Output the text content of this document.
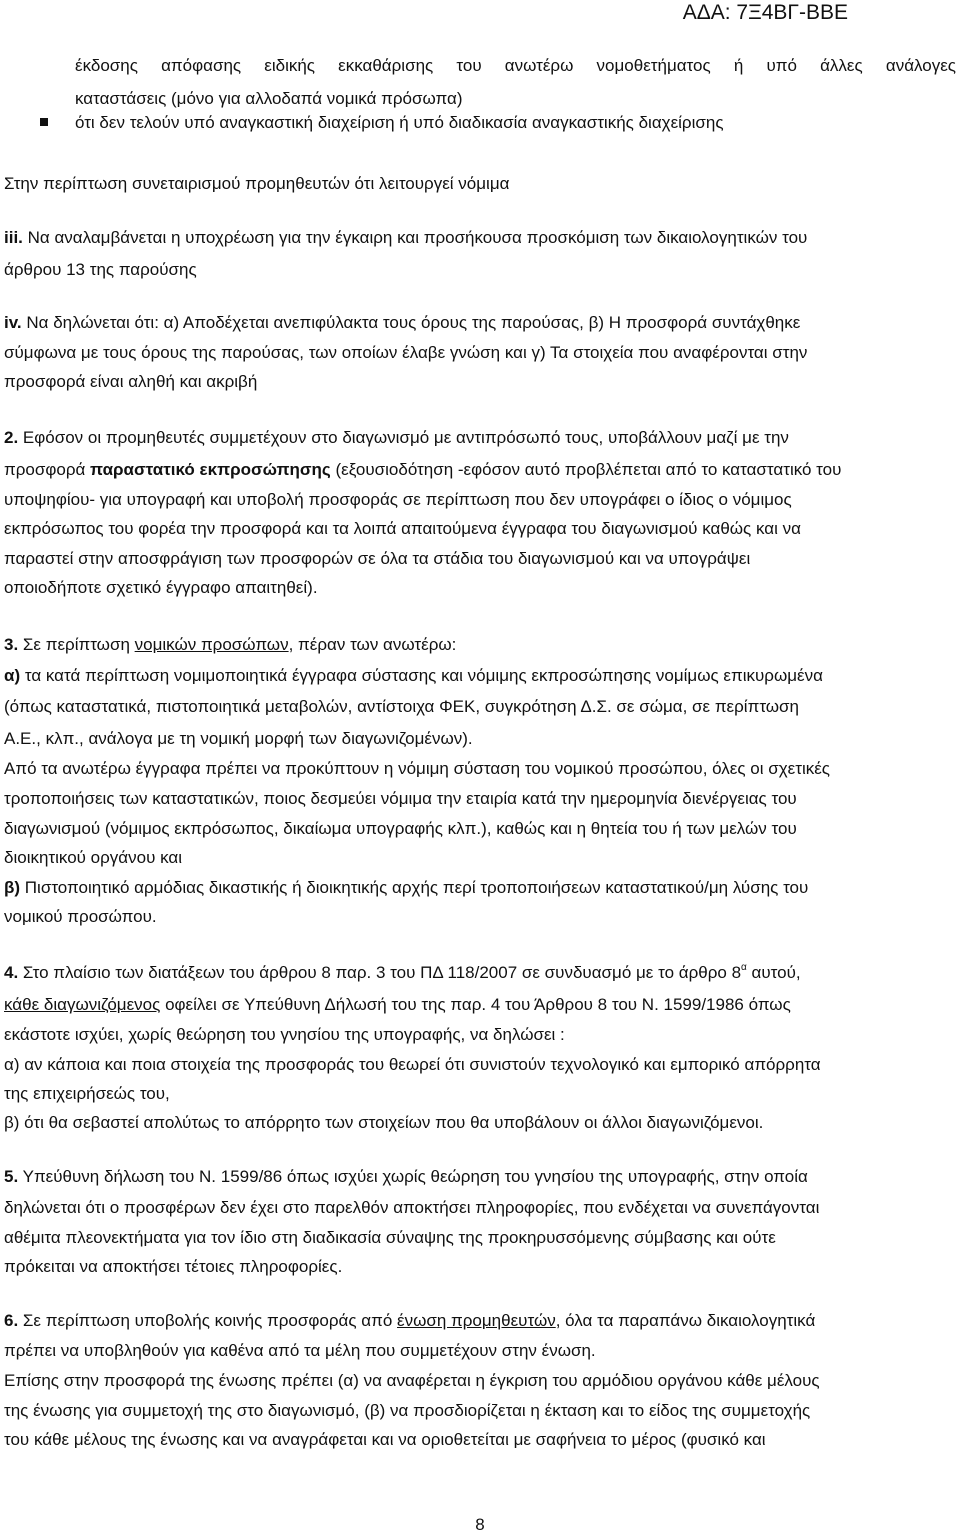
ΑΔΑ: 7Ξ4ΒΓ-ΒΒΕ
έκδοσης απόφασης ειδικής εκκαθάρισης του ανωτέρω νομοθετήματος ή υπό άλλες ανάλογες
καταστάσεις (μόνο για αλλοδαπά νομικά πρόσωπα)
ότι δεν τελούν υπό αναγκαστική διαχείριση ή υπό διαδικασία αναγκαστικής διαχείρισης
Στην περίπτωση συνεταιρισμού προμηθευτών ότι λειτουργεί νόμιμα
iii. Να αναλαμβάνεται η υποχρέωση για την έγκαιρη και προσήκουσα προσκόμιση των δικαιολογητικών του
άρθρου 13 της παρούσης
iv. Να δηλώνεται ότι: α) Αποδέχεται ανεπιφύλακτα τους όρους της παρούσας, β) Η προσφορά συντάχθηκε
σύμφωνα με τους όρους της παρούσας, των οποίων έλαβε γνώση και γ) Τα στοιχεία που αναφέρονται στην
προσφορά είναι αληθή και ακριβή
2. Εφόσον οι προμηθευτές συμμετέχουν στο διαγωνισμό με αντιπρόσωπό τους, υποβάλλουν μαζί με την
προσφορά παραστατικό εκπροσώπησης (εξουσιοδότηση -εφόσον αυτό προβλέπεται από το καταστατικό του
υποψηφίου- για υπογραφή και υποβολή προσφοράς σε περίπτωση που δεν υπογράφει ο ίδιος ο νόμιμος
εκπρόσωπος του φορέα την προσφορά και τα λοιπά απαιτούμενα έγγραφα του διαγωνισμού καθώς και να
παραστεί στην αποσφράγιση των προσφορών σε όλα τα στάδια του διαγωνισμού και να υπογράψει
οποιοδήποτε σχετικό έγγραφο απαιτηθεί).
3. Σε περίπτωση νομικών προσώπων, πέραν των ανωτέρω:
α) τα κατά περίπτωση νομιμοποιητικά έγγραφα σύστασης και νόμιμης εκπροσώπησης νομίμως επικυρωμένα
(όπως καταστατικά, πιστοποιητικά μεταβολών, αντίστοιχα ΦΕΚ, συγκρότηση Δ.Σ. σε σώμα, σε περίπτωση
Α.Ε., κλπ., ανάλογα με τη νομική μορφή των διαγωνιζομένων).
Από τα ανωτέρω έγγραφα πρέπει να προκύπτουν η νόμιμη σύσταση του νομικού προσώπου, όλες οι σχετικές
τροποποιήσεις των καταστατικών, ποιος δεσμεύει νόμιμα την εταιρία κατά την ημερομηνία διενέργειας του
διαγωνισμού (νόμιμος εκπρόσωπος, δικαίωμα υπογραφής κλπ.), καθώς και η θητεία του ή των μελών του
διοικητικού οργάνου και
β) Πιστοποιητικό αρμόδιας δικαστικής ή διοικητικής αρχής περί τροποποιήσεων καταστατικού/μη λύσης του
νομικού προσώπου.
4. Στο πλαίσιο των διατάξεων του άρθρου 8 παρ. 3 του ΠΔ 118/2007 σε συνδυασμό με το άρθρο $8^\alpha$ αυτού,
κάθε διαγωνιζόμενος οφείλει σε Υπεύθυνη Δήλωσή του της παρ. 4 του Άρθρου 8 του Ν. 1599/1986 όπως
εκάστοτε ισχύει, χωρίς θεώρηση του γνησίου της υπογραφής, να δηλώσει :
α) αν κάποια και ποια στοιχεία της προσφοράς του θεωρεί ότι συνιστούν τεχνολογικό και εμπορικό απόρρητα
της επιχειρήσεώς του,
β) ότι θα σεβαστεί απολύτως το απόρρητο των στοιχείων που θα υποβάλουν οι άλλοι διαγωνιζόμενοι.
5. Υπεύθυνη δήλωση του Ν. 1599/86 όπως ισχύει χωρίς θεώρηση του γνησίου της υπογραφής, στην οποία
δηλώνεται ότι ο προσφέρων δεν έχει στο παρελθόν αποκτήσει πληροφορίες, που ενδέχεται να συνεπάγονται
αθέμιτα πλεονεκτήματα για τον ίδιο στη διαδικασία σύναψης της προκηρυσσόμενης σύμβασης και ούτε
πρόκειται να αποκτήσει τέτοιες πληροφορίες.
6. Σε περίπτωση υποβολής κοινής προσφοράς από ένωση προμηθευτών, όλα τα παραπάνω δικαιολογητικά
πρέπει να υποβληθούν για καθένα από τα μέλη που συμμετέχουν στην ένωση.
Επίσης στην προσφορά της ένωσης πρέπει (α) να αναφέρεται η έγκριση του αρμόδιου οργάνου κάθε μέλους
της ένωσης για συμμετοχή της στο διαγωνισμό, (β) να προσδιορίζεται η έκταση και το είδος της συμμετοχής
του κάθε μέλους της ένωσης και να αναγράφεται και να οριοθετείται με σαφήνεια το μέρος (φυσικό και
8
